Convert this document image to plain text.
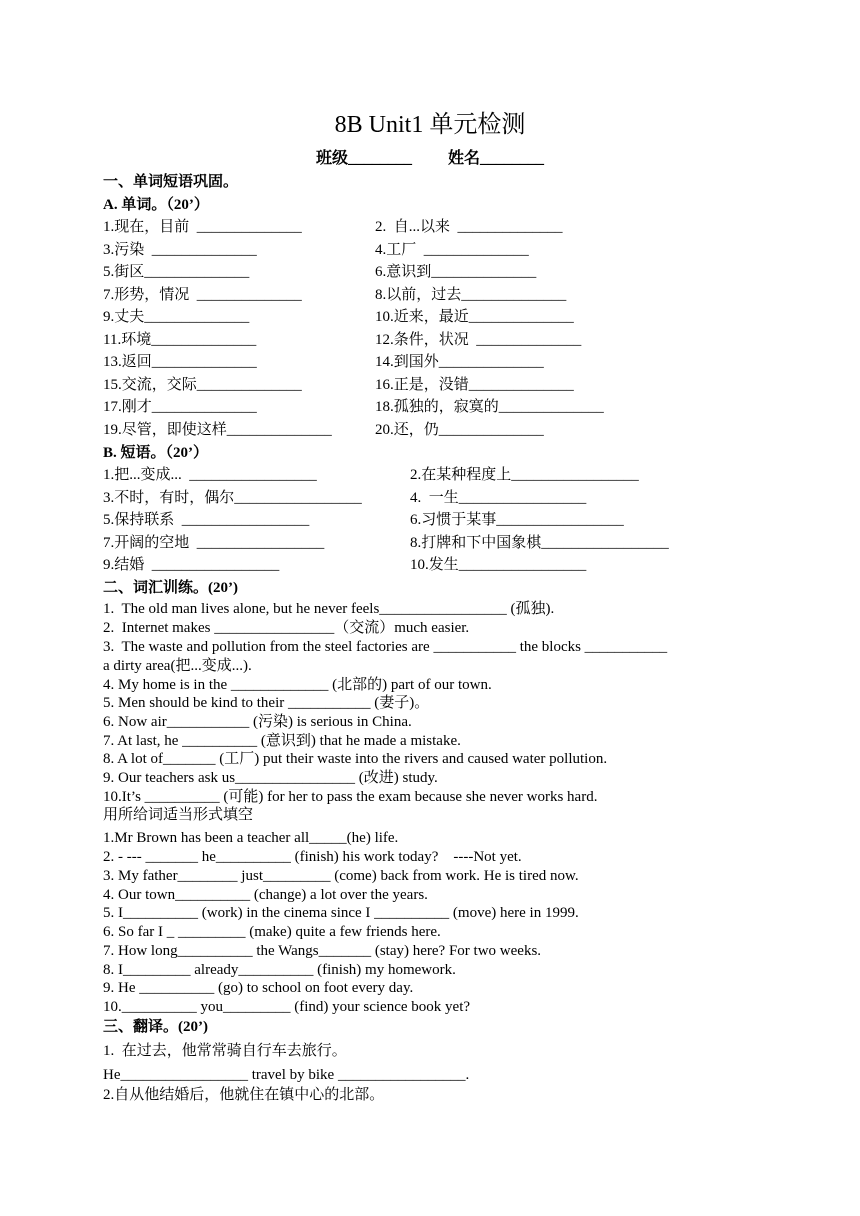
8B Unit1 单元检测
班级________ 姓名________
一、单词短语巩固。
A. 单词。（20’）
1.现在，目前  ______________	2.  自...以来  ______________
3.污染  ______________	4.工厂  ______________
5.街区______________	6.意识到______________
7.形势，情况  ______________	8.以前，过去______________
9.丈夫______________	10.近来，最近______________
11.环境______________	12.条件，状况  ______________
13.返回______________	14.到国外______________
15.交流，交际______________	16.正是，没错______________
17.刚才______________	18.孤独的，寂寞的______________
19.尽管，即使这样______________	20.还，仍______________
B. 短语。（20’）
1.把...变成...  _________________	2.在某种程度上_________________
3.不时，有时，偶尔_________________	4.  一生_________________
5.保持联系  _________________	6.习惯于某事_________________
7.开阔的空地  _________________	8.打牌和下中国象棋_________________
9.结婚  _________________	10.发生_________________
二、词汇训练。(20’)
1.  The old man lives alone, but he never feels_________________ (孤独).
2.  Internet makes ________________（交流）much easier.
3.  The waste and pollution from the steel factories are ___________ the blocks ___________
a dirty area(把...变成...).
4. My home is in the _____________ (北部的) part of our town.
5. Men should be kind to their ___________ (妻子)。
6. Now air___________ (污染) is serious in China.
7. At last, he __________ (意识到) that he made a mistake.
8. A lot of_______ (工厂) put their waste into the rivers and caused water pollution.
9. Our teachers ask us________________ (改进) study.
10.It’s __________ (可能) for her to pass the exam because she never works hard.
用所给词适当形式填空
1.Mr Brown has been a teacher all_____(he) life.
2. - --- _______ he__________ (finish) his work today?    ----Not yet.
3. My father________ just_________ (come) back from work. He is tired now.
4. Our town__________ (change) a lot over the years.
5. I__________ (work) in the cinema since I __________ (move) here in 1999.
6. So far I _ _________ (make) quite a few friends here.
7. How long__________ the Wangs_______ (stay) here? For two weeks.
8. I_________ already__________ (finish) my homework.
9. He __________ (go) to school on foot every day.
10.__________ you_________ (find) your science book yet?
三、翻译。(20’)
1.  在过去，他常常骑自行车去旅行。
He_________________ travel by bike _________________.
2.自从他结婚后，他就住在镇中心的北部。
